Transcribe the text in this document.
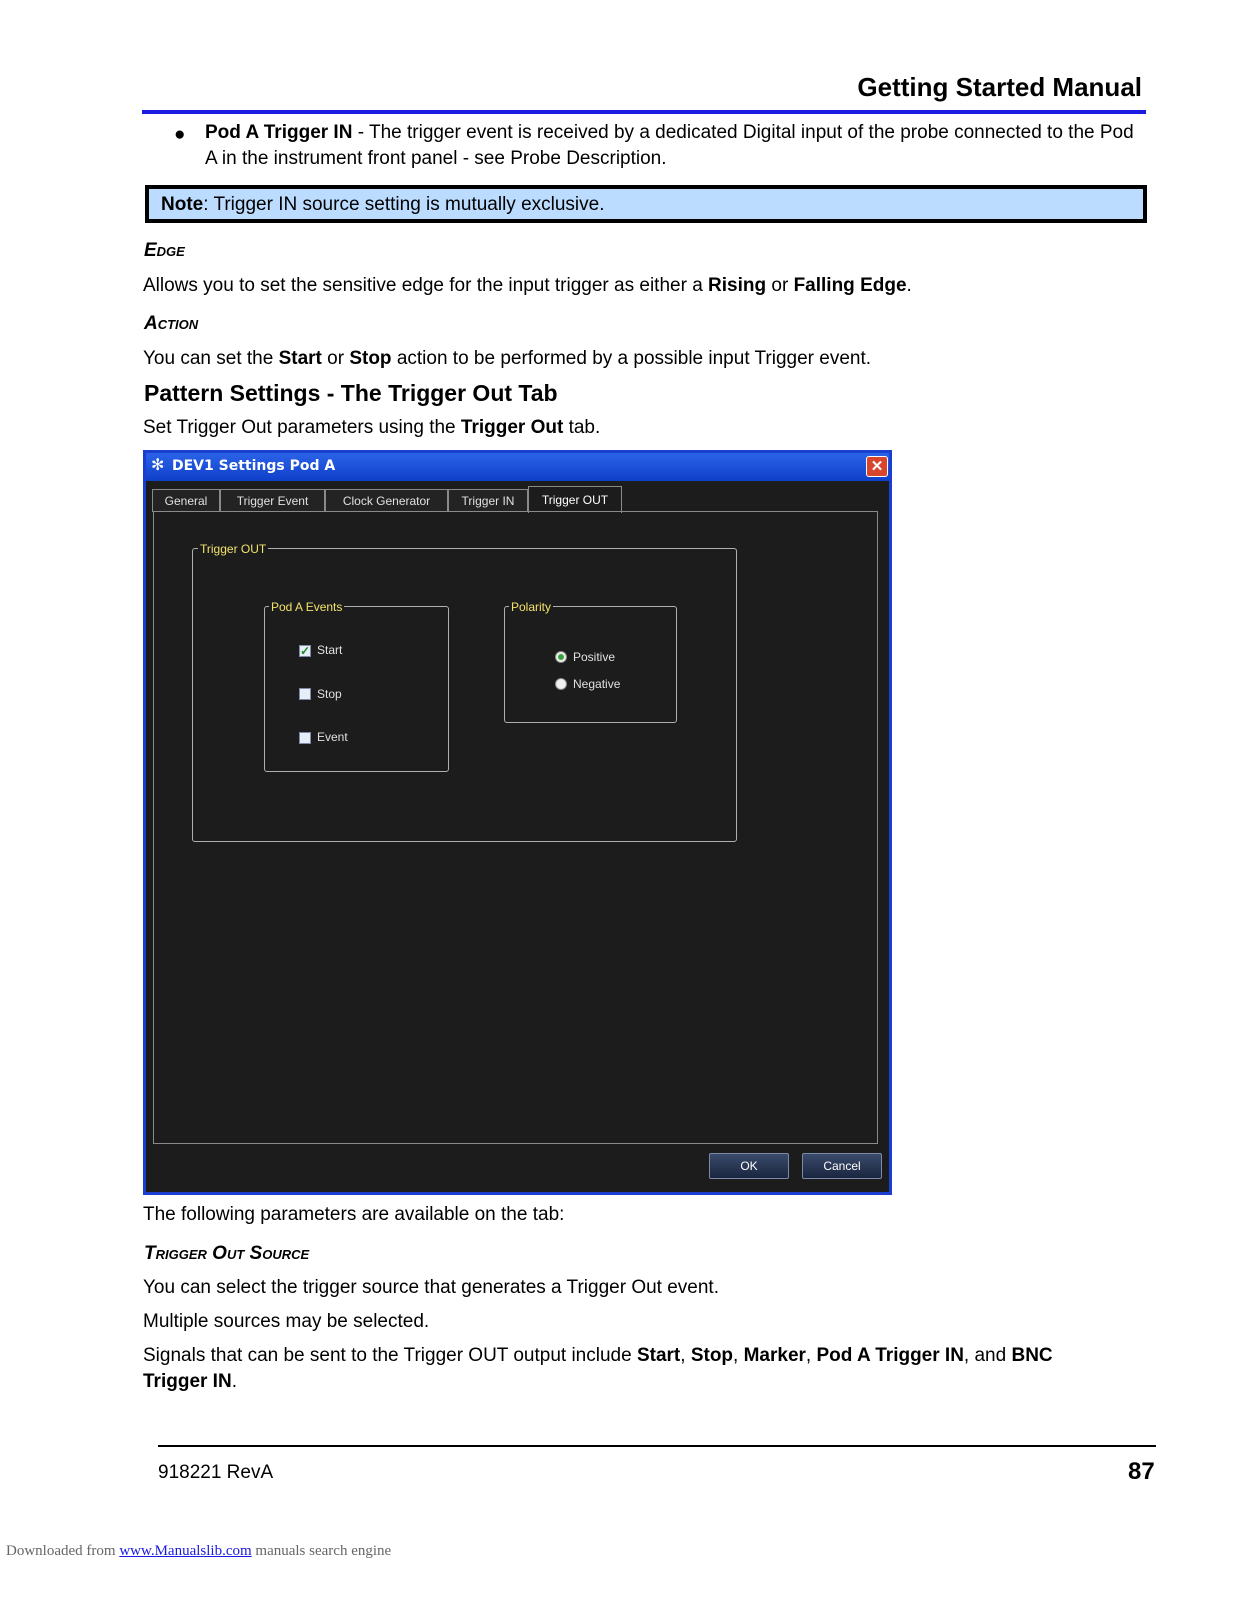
Getting Started Manual
● Pod A Trigger IN - The trigger event is received by a dedicated Digital input of the probe connected to the Pod A in the instrument front panel - see Probe Description.
Note: Trigger IN source setting is mutually exclusive.
Edge
Allows you to set the sensitive edge for the input trigger as either a Rising or Falling Edge.
Action
You can set the Start or Stop action to be performed by a possible input Trigger event.
Pattern Settings - The Trigger Out Tab
Set Trigger Out parameters using the Trigger Out tab.
✻ DEV1 Settings Pod A	✕
General	Trigger Event	Clock Generator	Trigger IN	Trigger OUT
Trigger OUT
Pod A Events
✓ Start
Stop
Event
Polarity
Positive
Negative
OK	Cancel
The following parameters are available on the tab:
Trigger Out Source
You can select the trigger source that generates a Trigger Out event.
Multiple sources may be selected.
Signals that can be sent to the Trigger OUT output include Start, Stop, Marker, Pod A Trigger IN, and BNC Trigger IN.
918221 RevA	87
Downloaded from www.Manualslib.com manuals search engine
